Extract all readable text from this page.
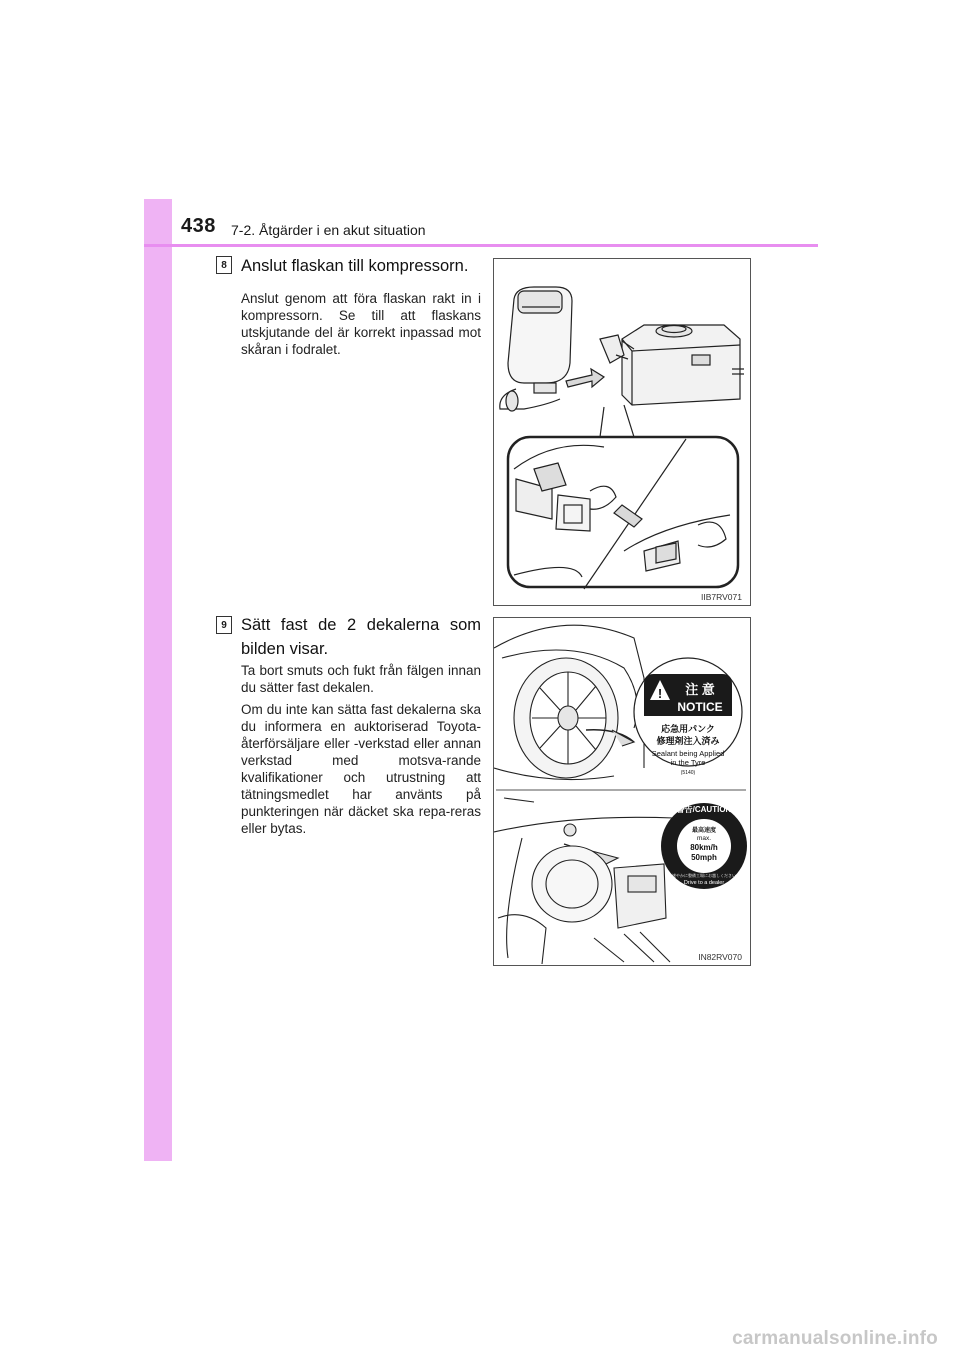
438 7-2. Åtgärder i en akut situation
8 Anslut flaskan till kompressorn.
Anslut genom att föra flaskan rakt in i kompressorn. Se till att flaskans utskjutande del är korrekt inpassad mot skåran i fodralet.
IIB7RV071
9 Sätt fast de 2 dekalerna som bilden visar.
Ta bort smuts och fukt från fälgen innan du sätter fast dekalen.
Om du inte kan sätta fast dekalerna ska du informera en auktoriserad Toyota-återförsäljare eller -verkstad eller annan verkstad med motsva-rande kvalifikationer och utrustning att tätningsmedlet har använts på punkteringen när däcket ska repa-reras eller bytas.
! 注 意
NOTICE
応急用パンク
修理剤注入済み
Sealant being Applied
in the Tyre
(5140)
警告/CAUTION
最高速度
max.
80km/h
50mph
速やかに整備工場にお越しください
Drive to a dealer
IN82RV070
carmanualsonline.info
